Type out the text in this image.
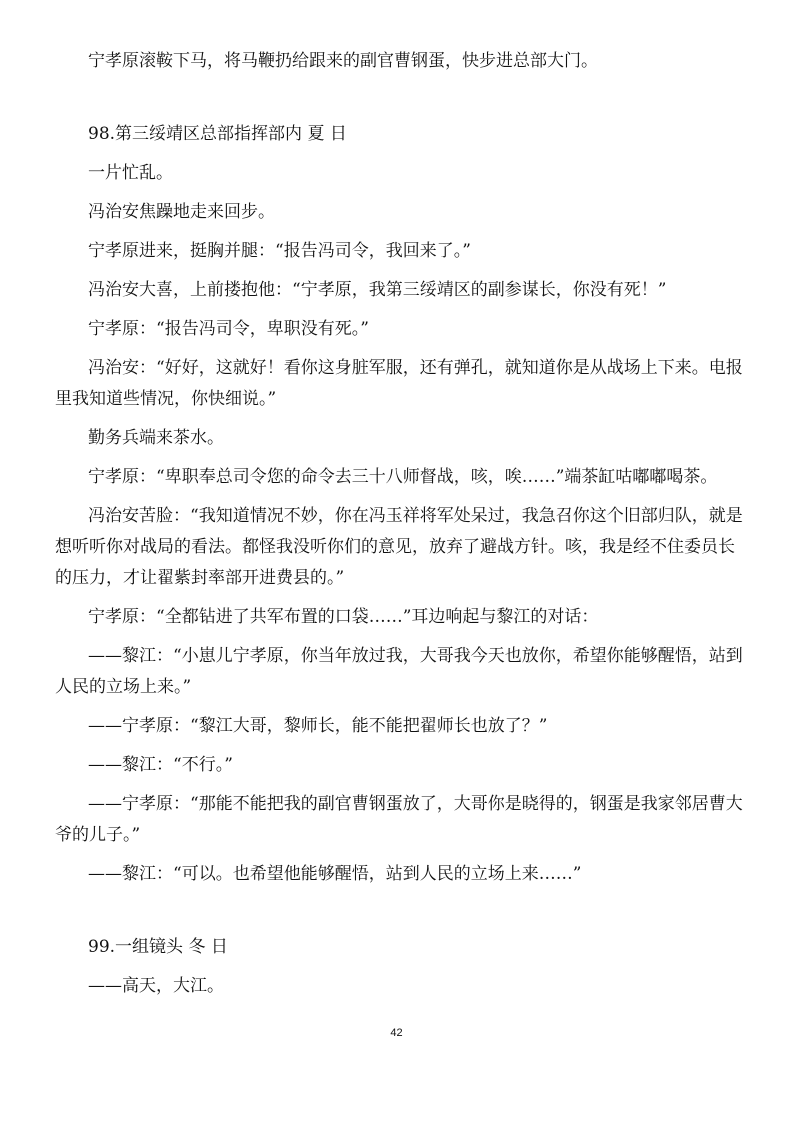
宁孝原滚鞍下马，将马鞭扔给跟来的副官曹钢蛋，快步进总部大门。

98.第三绥靖区总部指挥部内 夏 日

一片忙乱。

冯治安焦躁地走来回步。

宁孝原进来，挺胸并腿：“报告冯司令，我回来了。”

冯治安大喜，上前搂抱他：“宁孝原，我第三绥靖区的副参谋长，你没有死！”

宁孝原：“报告冯司令，卑职没有死。”

冯治安：“好好，这就好！看你这身脏军服，还有弹孔，就知道你是从战场上下来。电报里我知道些情况，你快细说。”

勤务兵端来茶水。

宁孝原：“卑职奉总司令您的命令去三十八师督战，咳，唉……”端茶缸咕嘟嘟喝茶。

冯治安苦脸：“我知道情况不妙，你在冯玉祥将军处呆过，我急召你这个旧部归队，就是想听听你对战局的看法。都怪我没听你们的意见，放弃了避战方针。咳，我是经不住委员长的压力，才让翟紫封率部开进费县的。”

宁孝原：“全都钻进了共军布置的口袋……”耳边响起与黎江的对话：

——黎江：“小崽儿宁孝原，你当年放过我，大哥我今天也放你，希望你能够醒悟，站到人民的立场上来。”

——宁孝原：“黎江大哥，黎师长，能不能把翟师长也放了？”

——黎江：“不行。”

——宁孝原：“那能不能把我的副官曹钢蛋放了，大哥你是晓得的，钢蛋是我家邻居曹大爷的儿子。”

——黎江：“可以。也希望他能够醒悟，站到人民的立场上来……”

99.一组镜头 冬 日

——高天，大江。

42
